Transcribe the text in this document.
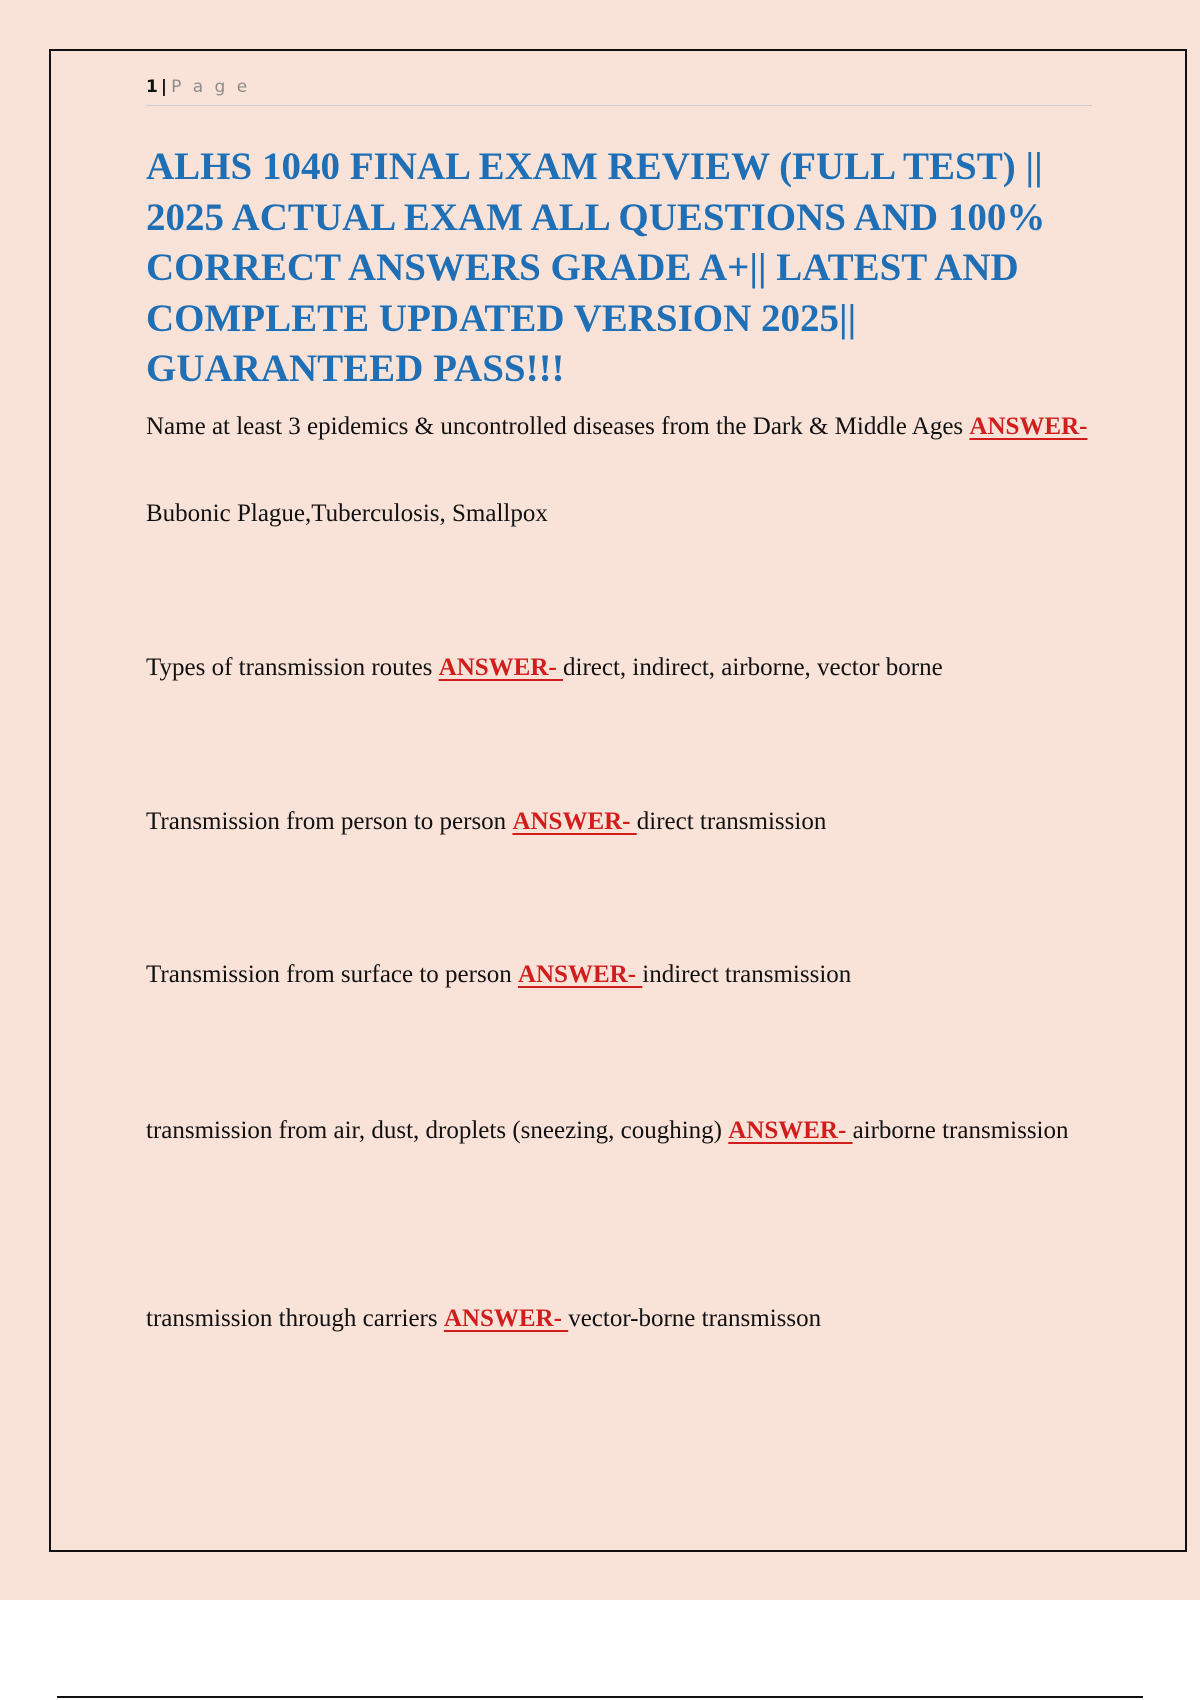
1 | P a g e
ALHS 1040 FINAL EXAM REVIEW (FULL TEST) || 2025 ACTUAL EXAM ALL QUESTIONS AND 100% CORRECT ANSWERS GRADE A+|| LATEST AND COMPLETE UPDATED VERSION 2025|| GUARANTEED PASS!!!

Name at least 3 epidemics & uncontrolled diseases from the Dark & Middle Ages ANSWER-

Bubonic Plague,Tuberculosis, Smallpox

Types of transmission routes ANSWER- direct, indirect, airborne, vector borne

Transmission from person to person ANSWER- direct transmission

Transmission from surface to person ANSWER- indirect transmission

transmission from air, dust, droplets (sneezing, coughing) ANSWER- airborne transmission

transmission through carriers ANSWER- vector-borne transmisson
